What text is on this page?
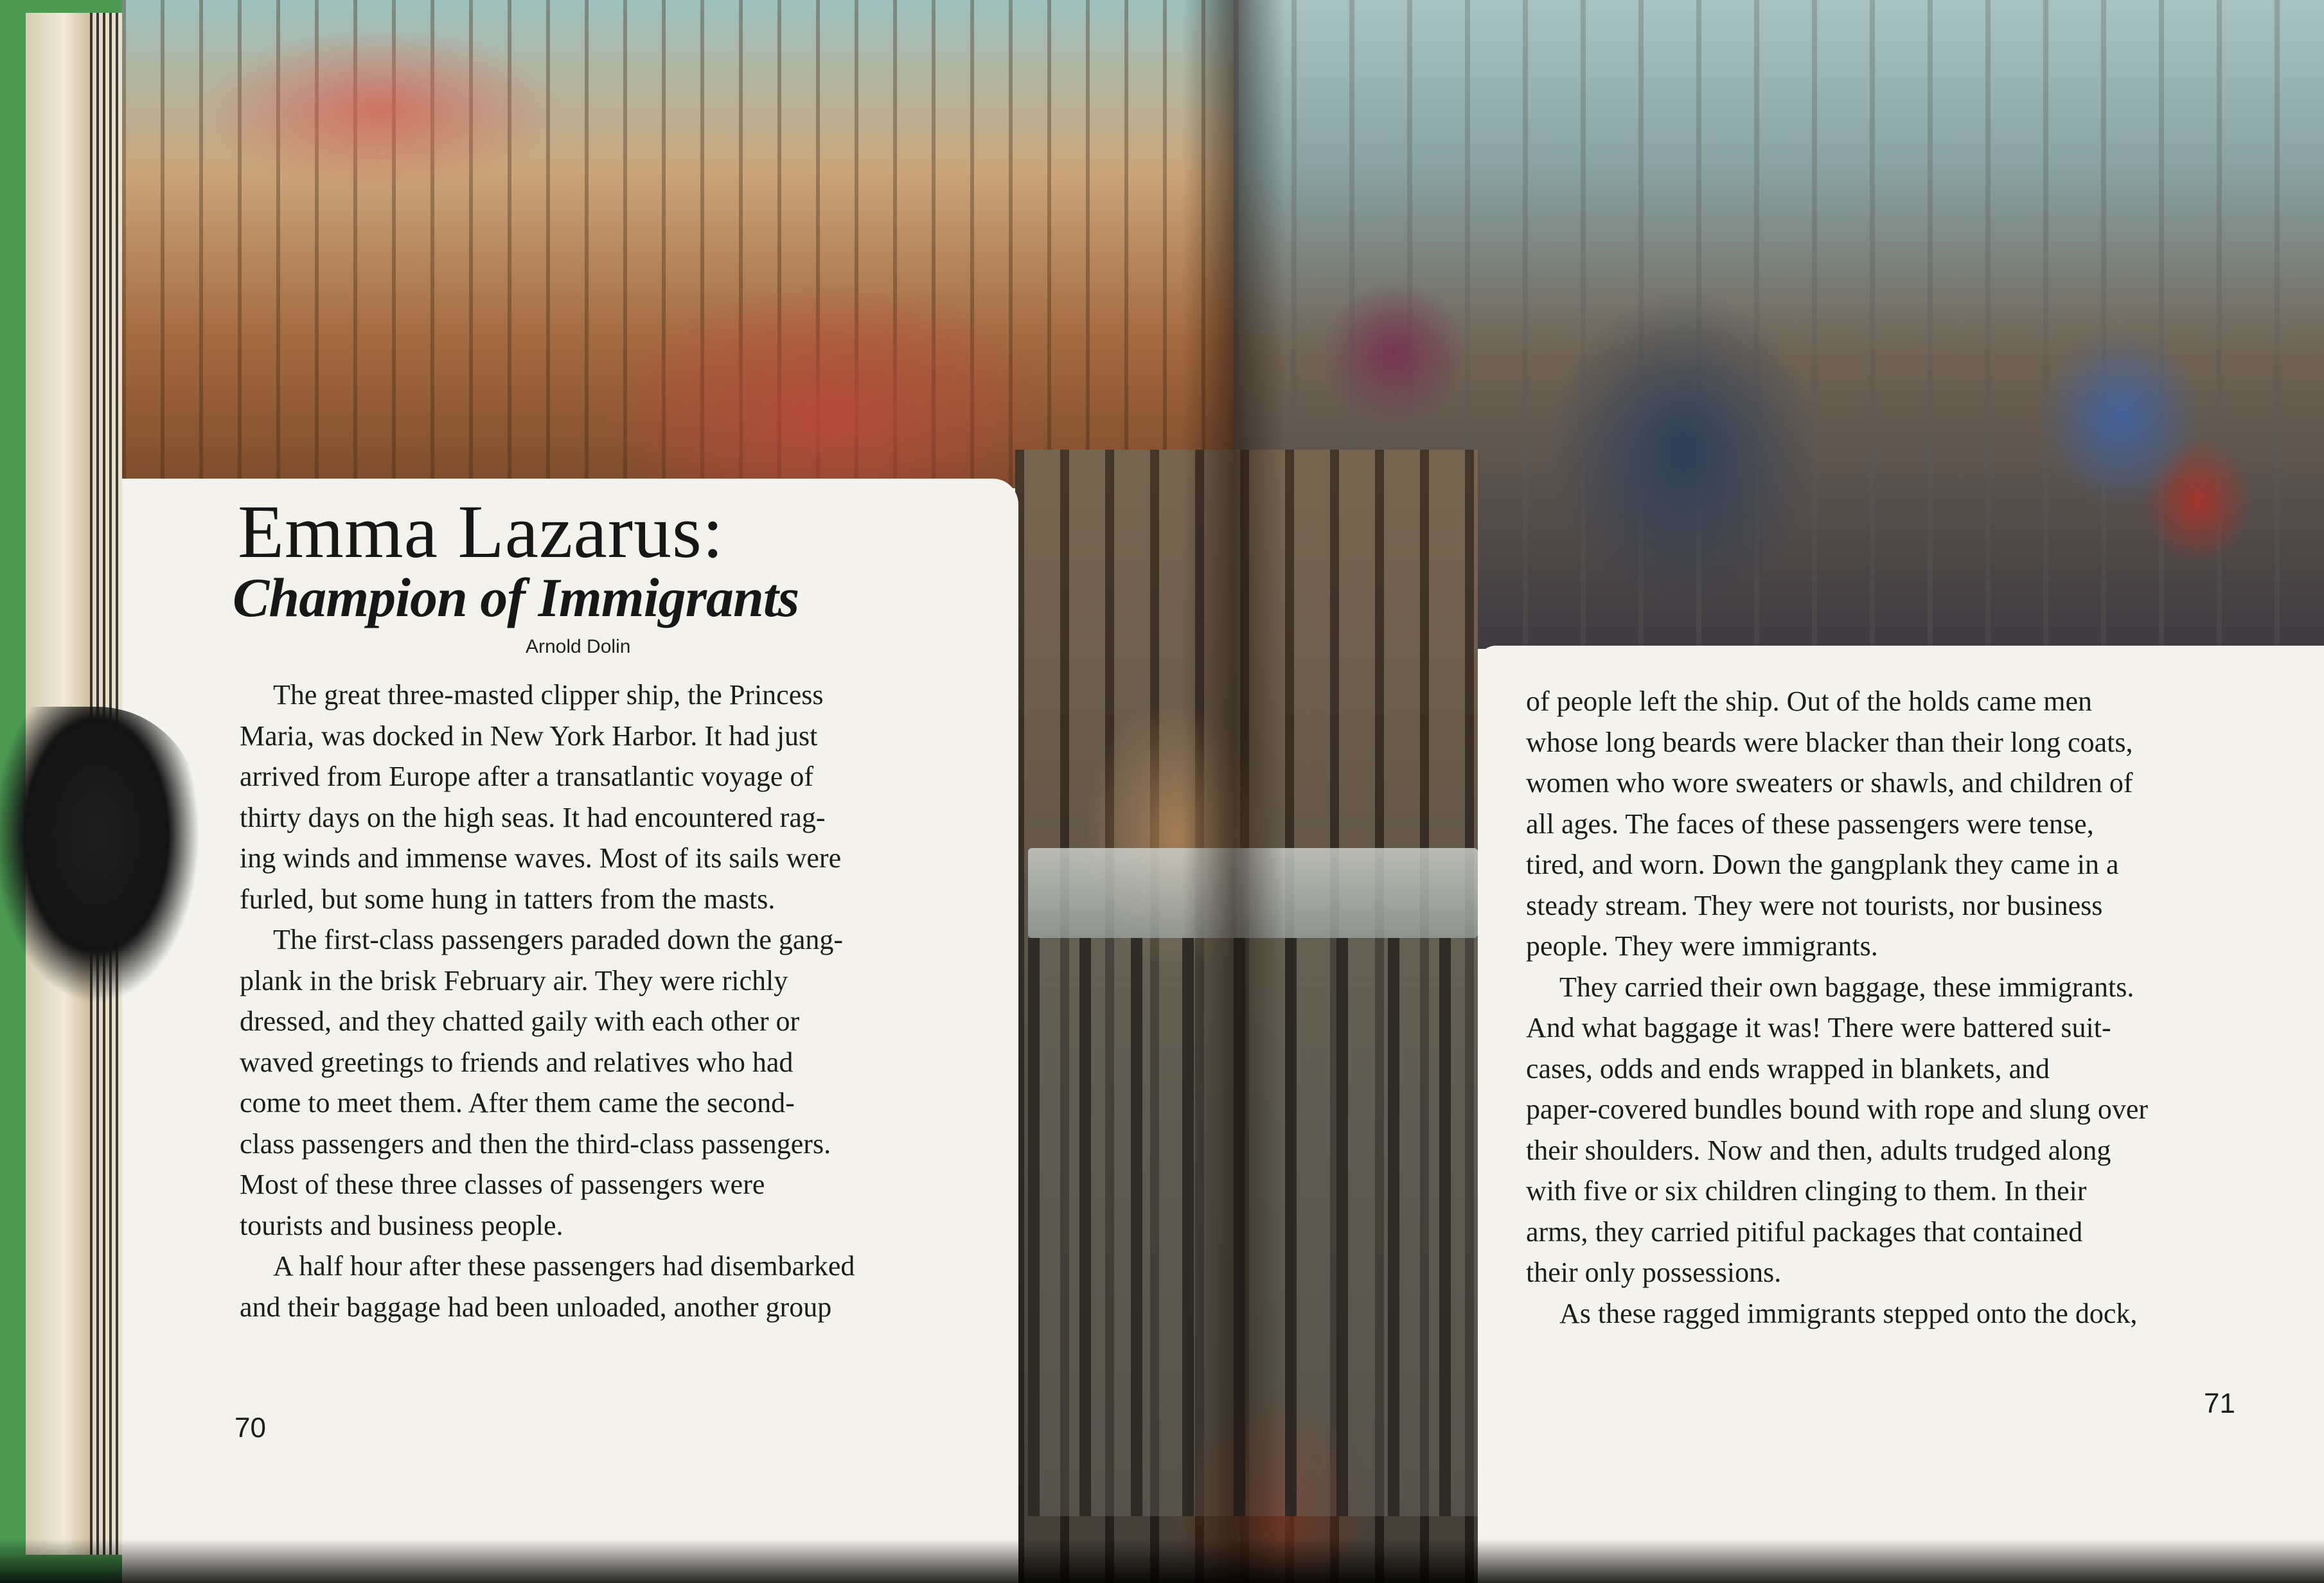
Emma Lazarus:
Champion of Immigrants
Arnold Dolin

The great three-masted clipper ship, the Princess
Maria, was docked in New York Harbor. It had just
arrived from Europe after a transatlantic voyage of
thirty days on the high seas. It had encountered rag-
ing winds and immense waves. Most of its sails were
furled, but some hung in tatters from the masts.

The first-class passengers paraded down the gang-
plank in the brisk February air. They were richly
dressed, and they chatted gaily with each other or
waved greetings to friends and relatives who had
come to meet them. After them came the second-
class passengers and then the third-class passengers.
Most of these three classes of passengers were
tourists and business people.

A half hour after these passengers had disembarked
and their baggage had been unloaded, another group

of people left the ship. Out of the holds came men
whose long beards were blacker than their long coats,
women who wore sweaters or shawls, and children of
all ages. The faces of these passengers were tense,
tired, and worn. Down the gangplank they came in a
steady stream. They were not tourists, nor business
people. They were immigrants.

They carried their own baggage, these immigrants.
And what baggage it was! There were battered suit-
cases, odds and ends wrapped in blankets, and
paper-covered bundles bound with rope and slung over
their shoulders. Now and then, adults trudged along
with five or six children clinging to them. In their
arms, they carried pitiful packages that contained
their only possessions.

As these ragged immigrants stepped onto the dock,

70
71
